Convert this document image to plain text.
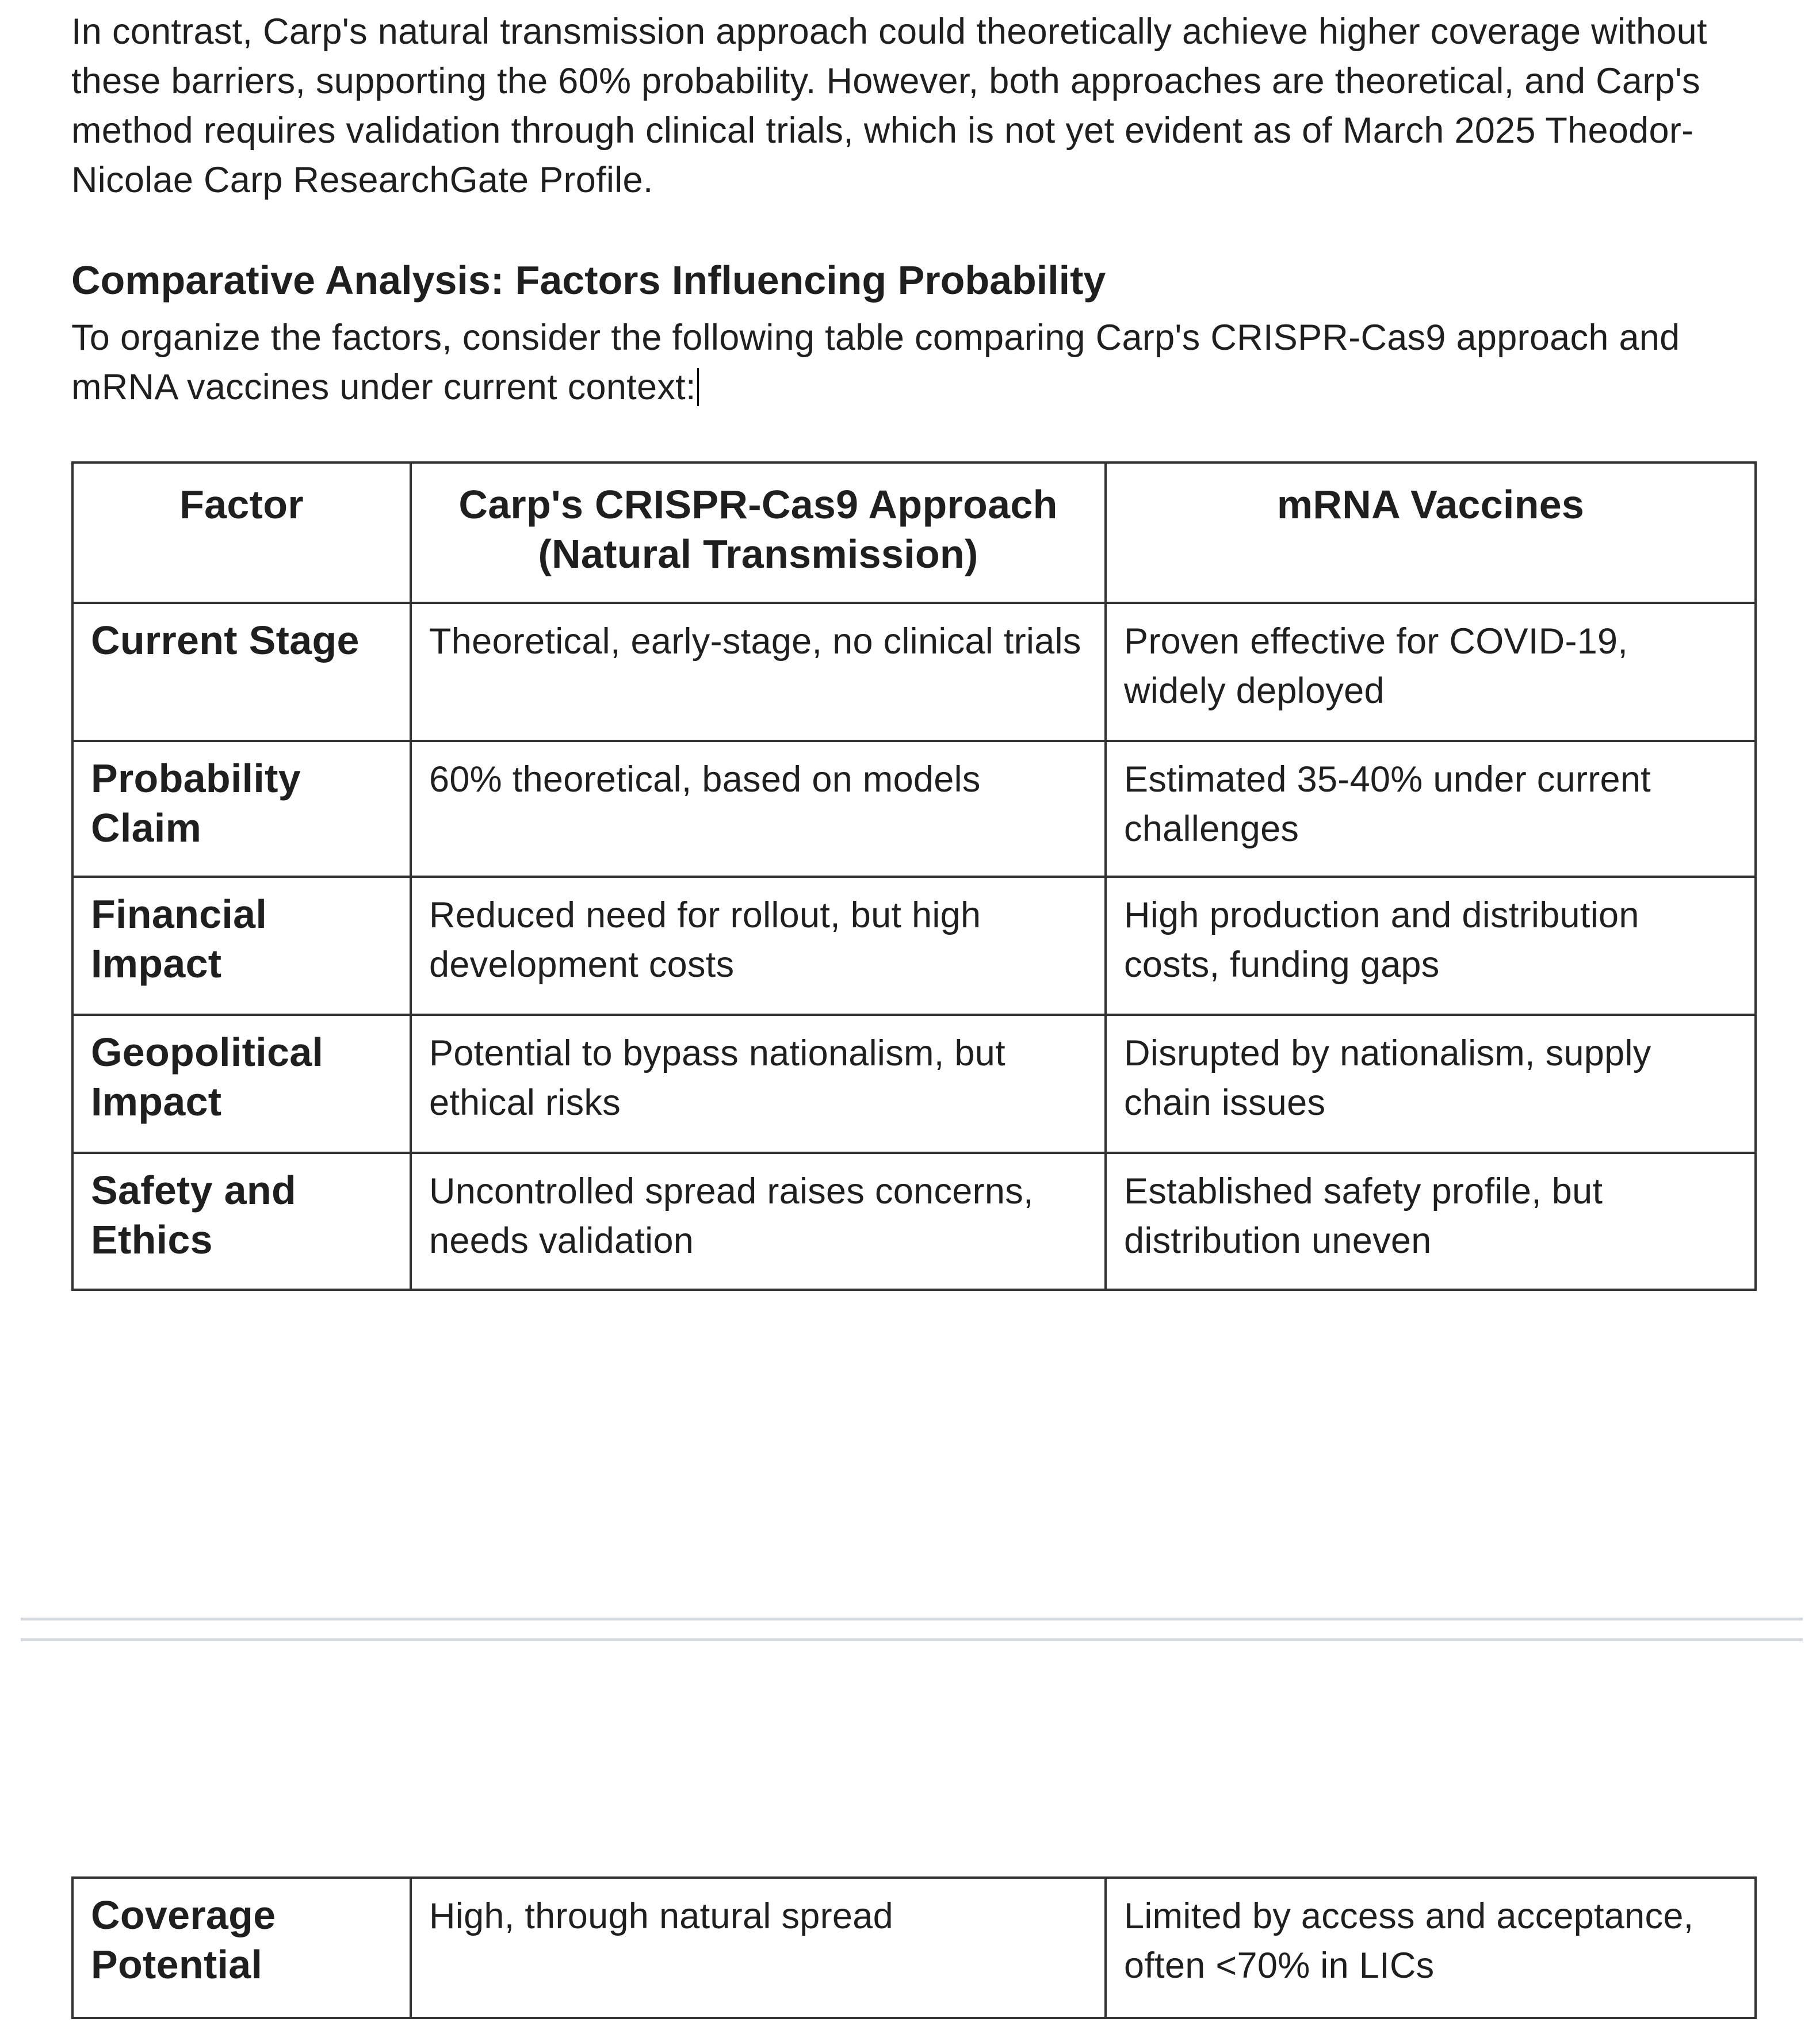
In contrast, Carp's natural transmission approach could theoretically achieve higher coverage without these barriers, supporting the 60% probability. However, both approaches are theoretical, and Carp's method requires validation through clinical trials, which is not yet evident as of March 2025 Theodor-Nicolae Carp ResearchGate Profile.

Comparative Analysis: Factors Influencing Probability

To organize the factors, consider the following table comparing Carp's CRISPR-Cas9 approach and mRNA vaccines under current context:

Factor	Carp's CRISPR-Cas9 Approach (Natural Transmission)	mRNA Vaccines
Current Stage	Theoretical, early-stage, no clinical trials	Proven effective for COVID-19, widely deployed
Probability Claim	60% theoretical, based on models	Estimated 35-40% under current challenges
Financial Impact	Reduced need for rollout, but high development costs	High production and distribution costs, funding gaps
Geopolitical Impact	Potential to bypass nationalism, but ethical risks	Disrupted by nationalism, supply chain issues
Safety and Ethics	Uncontrolled spread raises concerns, needs validation	Established safety profile, but distribution uneven
Coverage Potential	High, through natural spread	Limited by access and acceptance, often <70% in LICs
